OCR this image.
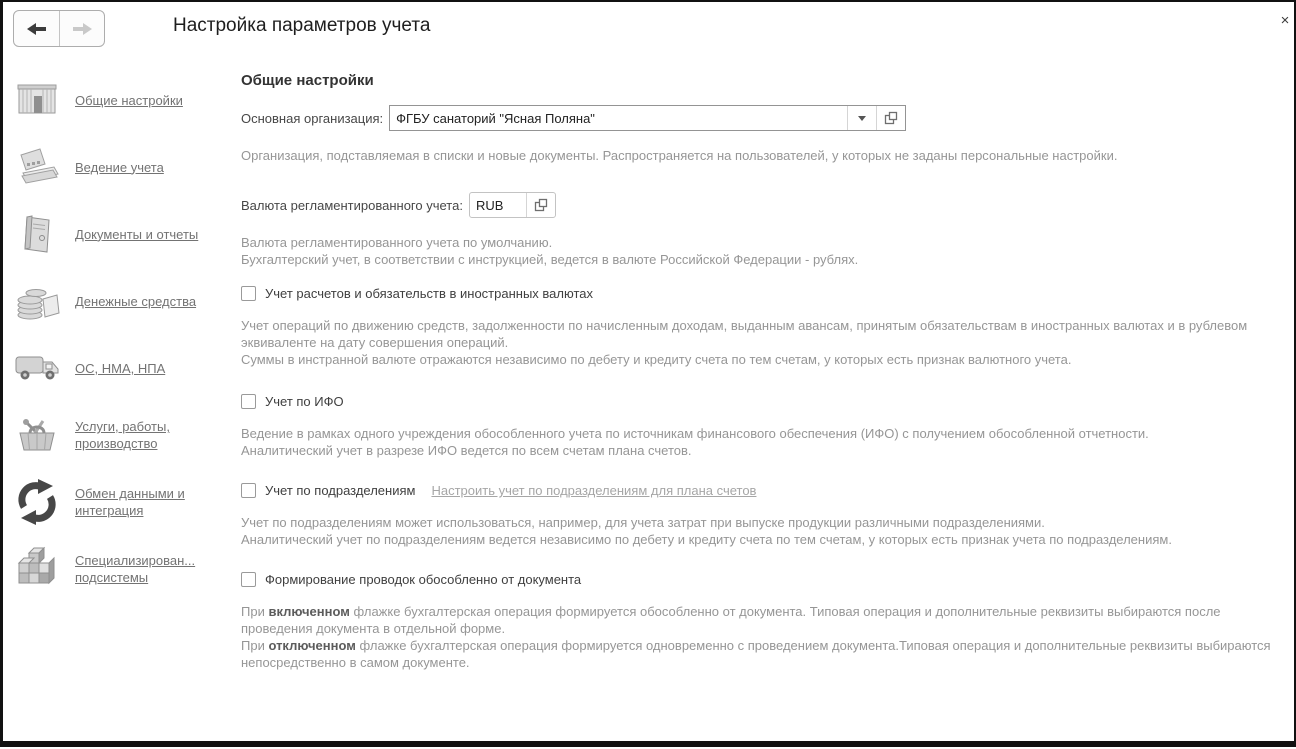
Настройка параметров учета	×
Общие настройки
Ведение учета
Документы и отчеты
Денежные средства
ОС, НМА, НПА
Услуги, работы, производство
Обмен данными и интеграция
Специализирован... подсистемы
Общие настройки
Основная организация:
ФГБУ санаторий "Ясная Поляна"
Организация, подставляемая в списки и новые документы. Распространяется на пользователей, у которых не заданы персональные настройки.
Валюта регламентированного учета:
RUB
Валюта регламентированного учета по умолчанию.
Бухгалтерский учет, в соответствии с инструкцией, ведется в валюте Российской Федерации - рублях.
Учет расчетов и обязательств в иностранных валютах
Учет операций по движению средств, задолженности по начисленным доходам, выданным авансам, принятым обязательствам в иностранных валютах и в рублевом эквиваленте на дату совершения операций.
Суммы в инстранной валюте отражаются независимо по дебету и кредиту счета по тем счетам, у которых есть признак валютного учета.
Учет по ИФО
Ведение в рамках одного учреждения обособленного учета по источникам финансового обеспечения (ИФО) с получением обособленной отчетности.
Аналитический учет в разрезе ИФО ведется по всем счетам плана счетов.
Учет по подразделениям Настроить учет по подразделениям для плана счетов
Учет по подразделениям может использоваться, например, для учета затрат при выпуске продукции различными подразделениями.
Аналитический учет по подразделениям ведется независимо по дебету и кредиту счета по тем счетам, у которых есть признак учета по подразделениям.
Формирование проводок обособленно от документа
При включенном флажке бухгалтерская операция формируется обособленно от документа. Типовая операция и дополнительные реквизиты выбираются после проведения документа в отдельной форме.
При отключенном флажке бухгалтерская операция формируется одновременно с проведением документа.Типовая операция и дополнительные реквизиты выбираются непосредственно в самом документе.
